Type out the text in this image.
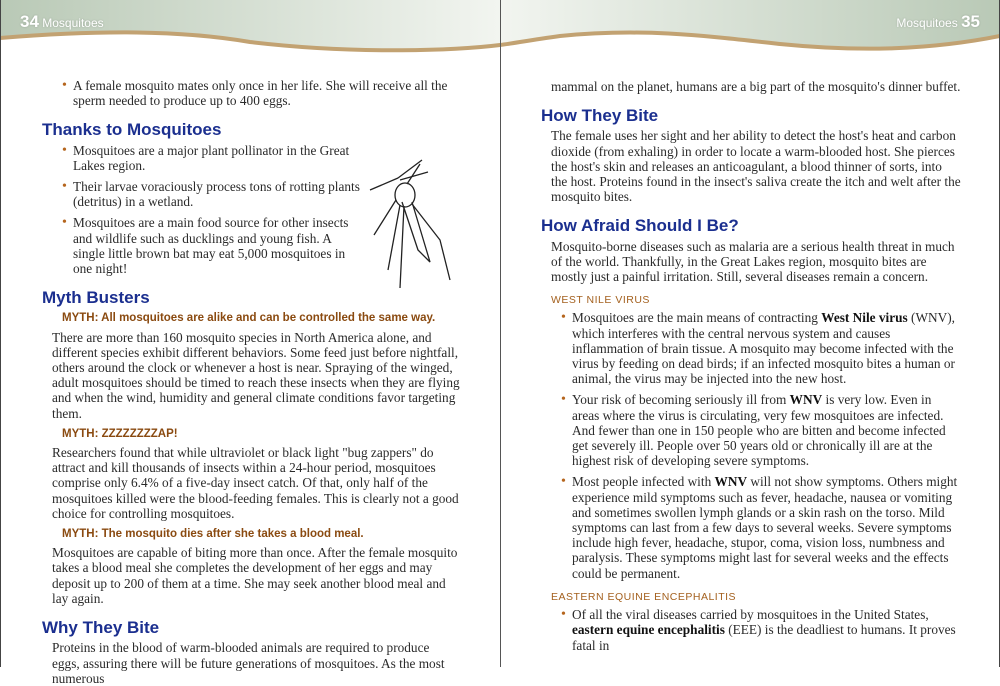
34 Mosquitoes	Mosquitoes 35
• A female mosquito mates only once in her life. She will receive all the sperm needed to produce up to 400 eggs.
Thanks to Mosquitoes
• Mosquitoes are a major plant pollinator in the Great Lakes region.
• Their larvae voraciously process tons of rotting plants (detritus) in a wetland.
• Mosquitoes are a main food source for other insects and wildlife such as ducklings and young fish. A single little brown bat may eat 5,000 mosquitoes in one night!
Myth Busters
MYTH: All mosquitoes are alike and can be controlled the same way.

There are more than 160 mosquito species in North America alone, and different species exhibit different behaviors. Some feed just before nightfall, others around the clock or whenever a host is near. Spraying of the winged, adult mosquitoes should be timed to reach these insects when they are flying and when the wind, humidity and general climate conditions favor targeting them.

MYTH: ZZZZZZZZAP!

Researchers found that while ultraviolet or black light "bug zappers" do attract and kill thousands of insects within a 24-hour period, mosquitoes comprise only 6.4% of a five-day insect catch. Of that, only half of the mosquitoes killed were the blood-feeding females. This is clearly not a good choice for controlling mosquitoes.

MYTH: The mosquito dies after she takes a blood meal.

Mosquitoes are capable of biting more than once. After the female mosquito takes a blood meal she completes the development of her eggs and may deposit up to 200 of them at a time. She may seek another blood meal and lay again.

Why They Bite

Proteins in the blood of warm-blooded animals are required to produce eggs, assuring there will be future generations of mosquitoes. As the most numerous

mammal on the planet, humans are a big part of the mosquito's dinner buffet.

How They Bite

The female uses her sight and her ability to detect the host's heat and carbon dioxide (from exhaling) in order to locate a warm-blooded host. She pierces the host's skin and releases an anticoagulant, a blood thinner of sorts, into the host. Proteins found in the insect's saliva create the itch and welt after the mosquito bites.

How Afraid Should I Be?

Mosquito-borne diseases such as malaria are a serious health threat in much of the world. Thankfully, in the Great Lakes region, mosquito bites are mostly just a painful irritation. Still, several diseases remain a concern.

WEST NILE VIRUS
• Mosquitoes are the main means of contracting West Nile virus (WNV), which interferes with the central nervous system and causes inflammation of brain tissue. A mosquito may become infected with the virus by feeding on dead birds; if an infected mosquito bites a human or animal, the virus may be injected into the new host.
• Your risk of becoming seriously ill from WNV is very low. Even in areas where the virus is circulating, very few mosquitoes are infected. And fewer than one in 150 people who are bitten and become infected get severely ill. People over 50 years old or chronically ill are at the highest risk of developing severe symptoms.
• Most people infected with WNV will not show symptoms. Others might experience mild symptoms such as fever, headache, nausea or vomiting and sometimes swollen lymph glands or a skin rash on the torso. Mild symptoms can last from a few days to several weeks. Severe symptoms include high fever, headache, stupor, coma, vision loss, numbness and paralysis. These symptoms might last for several weeks and the effects could be permanent.
EASTERN EQUINE ENCEPHALITIS
• Of all the viral diseases carried by mosquitoes in the United States, eastern equine encephalitis (EEE) is the deadliest to humans. It proves fatal in
